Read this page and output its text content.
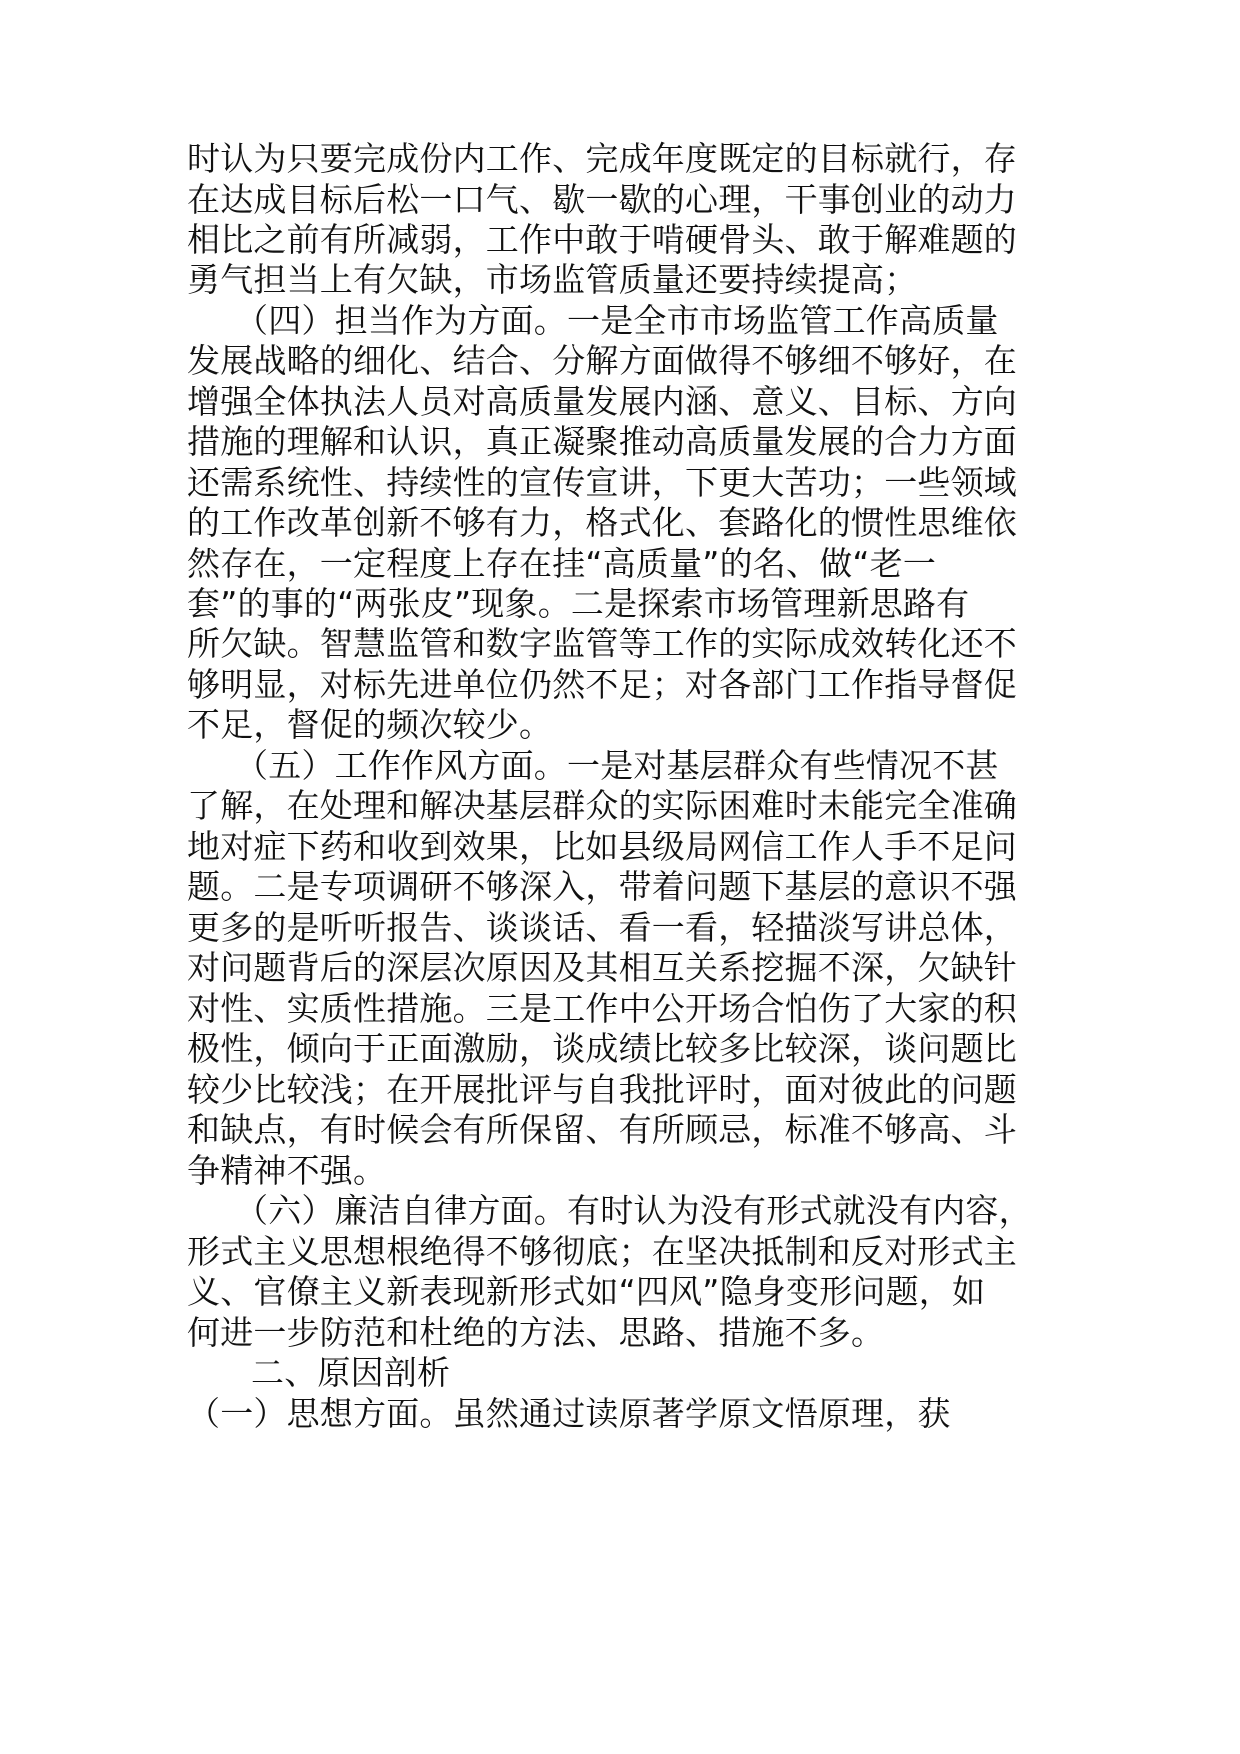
时认为只要完成份内工作、完成年度既定的目标就行，存
在达成目标后松一口气、歇一歇的心理，干事创业的动力
相比之前有所减弱，工作中敢于啃硬骨头、敢于解难题的
勇气担当上有欠缺，市场监管质量还要持续提高；
（四）担当作为方面。一是全市市场监管工作高质量
发展战略的细化、结合、分解方面做得不够细不够好，在
增强全体执法人员对高质量发展内涵、意义、目标、方向
措施的理解和认识，真正凝聚推动高质量发展的合力方面
还需系统性、持续性的宣传宣讲，下更大苦功；一些领域
的工作改革创新不够有力，格式化、套路化的惯性思维依
然存在，一定程度上存在挂“高质量”的名、做“老一
套”的事的“两张皮”现象。二是探索市场管理新思路有
所欠缺。智慧监管和数字监管等工作的实际成效转化还不
够明显，对标先进单位仍然不足；对各部门工作指导督促
不足，督促的频次较少。
（五）工作作风方面。一是对基层群众有些情况不甚
了解，在处理和解决基层群众的实际困难时未能完全准确
地对症下药和收到效果，比如县级局网信工作人手不足问
题。二是专项调研不够深入，带着问题下基层的意识不强
更多的是听听报告、谈谈话、看一看，轻描淡写讲总体，
对问题背后的深层次原因及其相互关系挖掘不深，欠缺针
对性、实质性措施。三是工作中公开场合怕伤了大家的积
极性，倾向于正面激励，谈成绩比较多比较深，谈问题比
较少比较浅；在开展批评与自我批评时，面对彼此的问题
和缺点，有时候会有所保留、有所顾忌，标准不够高、斗
争精神不强。
（六）廉洁自律方面。有时认为没有形式就没有内容，
形式主义思想根绝得不够彻底；在坚决抵制和反对形式主
义、官僚主义新表现新形式如“四风”隐身变形问题，如
何进一步防范和杜绝的方法、思路、措施不多。
二、原因剖析
（一）思想方面。虽然通过读原著学原文悟原理，获
